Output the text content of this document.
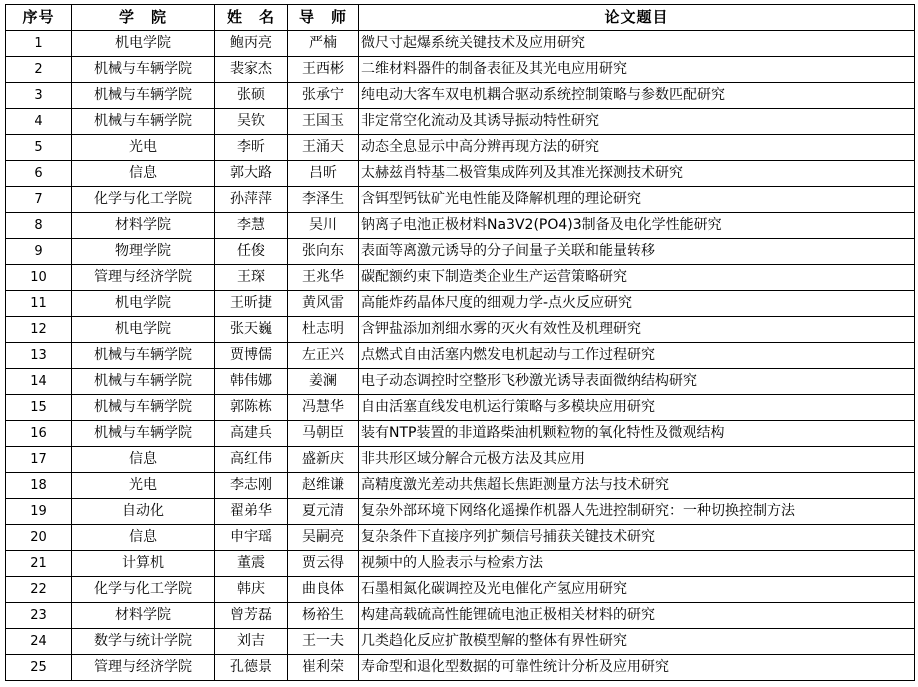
序号	学　院	姓　名	导　师	论文题目
1	机电学院	鲍丙亮	严楠	微尺寸起爆系统关键技术及应用研究
2	机械与车辆学院	裴家杰	王西彬	二维材料器件的制备表征及其光电应用研究
3	机械与车辆学院	张硕	张承宁	纯电动大客车双电机耦合驱动系统控制策略与参数匹配研究
4	机械与车辆学院	吴钦	王国玉	非定常空化流动及其诱导振动特性研究
5	光电	李昕	王涌天	动态全息显示中高分辨再现方法的研究
6	信息	郭大路	吕昕	太赫兹肖特基二极管集成阵列及其准光探测技术研究
7	化学与化工学院	孙萍萍	李泽生	含铒型钙钛矿光电性能及降解机理的理论研究
8	材料学院	李慧	吴川	钠离子电池正极材料Na3V2(PO4)3制备及电化学性能研究
9	物理学院	任俊	张向东	表面等离激元诱导的分子间量子关联和能量转移
10	管理与经济学院	王琛	王兆华	碳配额约束下制造类企业生产运营策略研究
11	机电学院	王昕捷	黄风雷	高能炸药晶体尺度的细观力学-点火反应研究
12	机电学院	张天巍	杜志明	含钾盐添加剂细水雾的灭火有效性及机理研究
13	机械与车辆学院	贾博儒	左正兴	点燃式自由活塞内燃发电机起动与工作过程研究
14	机械与车辆学院	韩伟娜	姜澜	电子动态调控时空整形飞秒激光诱导表面微纳结构研究
15	机械与车辆学院	郭陈栋	冯慧华	自由活塞直线发电机运行策略与多模块应用研究
16	机械与车辆学院	高建兵	马朝臣	装有NTP装置的非道路柴油机颗粒物的氧化特性及微观结构
17	信息	高红伟	盛新庆	非共形区域分解合元极方法及其应用
18	光电	李志刚	赵维谦	高精度激光差动共焦超长焦距测量方法与技术研究
19	自动化	翟弟华	夏元清	复杂外部环境下网络化遥操作机器人先进控制研究：一种切换控制方法
20	信息	申宇瑶	吴嗣亮	复杂条件下直接序列扩频信号捕获关键技术研究
21	计算机	董震	贾云得	视频中的人脸表示与检索方法
22	化学与化工学院	韩庆	曲良体	石墨相氮化碳调控及光电催化产氢应用研究
23	材料学院	曾芳磊	杨裕生	构建高载硫高性能锂硫电池正极相关材料的研究
24	数学与统计学院	刘吉	王一夫	几类趋化反应扩散模型解的整体有界性研究
25	管理与经济学院	孔德景	崔利荣	寿命型和退化型数据的可靠性统计分析及应用研究
